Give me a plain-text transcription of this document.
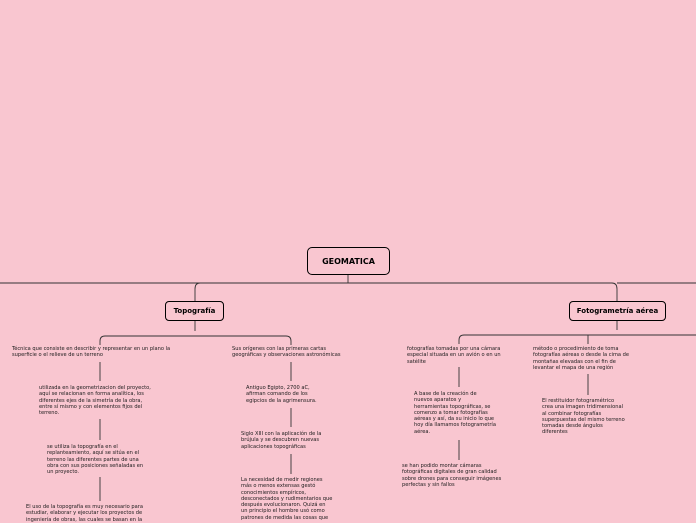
GEOMATICA
Topografía	Fotogrametría aérea
Técnica que consiste en describir y representar en un plano la
superficie o el relieve de un terreno
utilizada en la geometrizacion del proyecto,
aquí se relacionan en forma analítica, los
diferentes ejes de la simetría de la obra,
entre sí mismo y con elementos fijos del
terreno.
se utiliza la topografía en el
replanteamiento, aquí se sitúa en el
terreno las diferentes partes de una
obra con sus posiciones señaladas en
un proyecto.
El uso de la topografía es muy necesario para
estudiar, elaborar y ejecutar los proyectos de
ingeniería de obras, las cuales se basan en la
Sus orígenes con las primeras cartas
geográficas y observaciones astronómicas
Antiguo Egipto, 2700 aC,
afirman comando de los
egipcios de la agrimensura.
Siglo XIII con la aplicación de la
brújula y se descubren nuevas
aplicaciones topográficas
La necesidad de medir regiones
más o menos extensas gestó
conocimientos empíricos,
desconectados y rudimentarios que
después evolucionaron. Quizá en
un principio el hombre usó como
patrones de medida las cosas que
fotografías tomadas por una cámara
especial situada en un avión o en un
satélite
A base de la creación de
nuevos aparatos y
herramientas topográficas, se
comenzo a tomar fotografías
aéreas y así, da su inicio lo que
hoy día llamamos fotogrametría
aérea.
se han podido montar cámaras
fotográficas digitales de gran calidad
sobre drones para conseguir imágenes
perfectas y sin fallos
método o procedimiento de toma
fotografías aéreas o desde la cima de
montañas elevadas con el fin de
levantar el mapa de una región
El restituidor fotogramétrico
crea una imagen tridimensional
al combinar fotografías
superpuestas del mismo terreno
tomadas desde ángulos
diferentes
